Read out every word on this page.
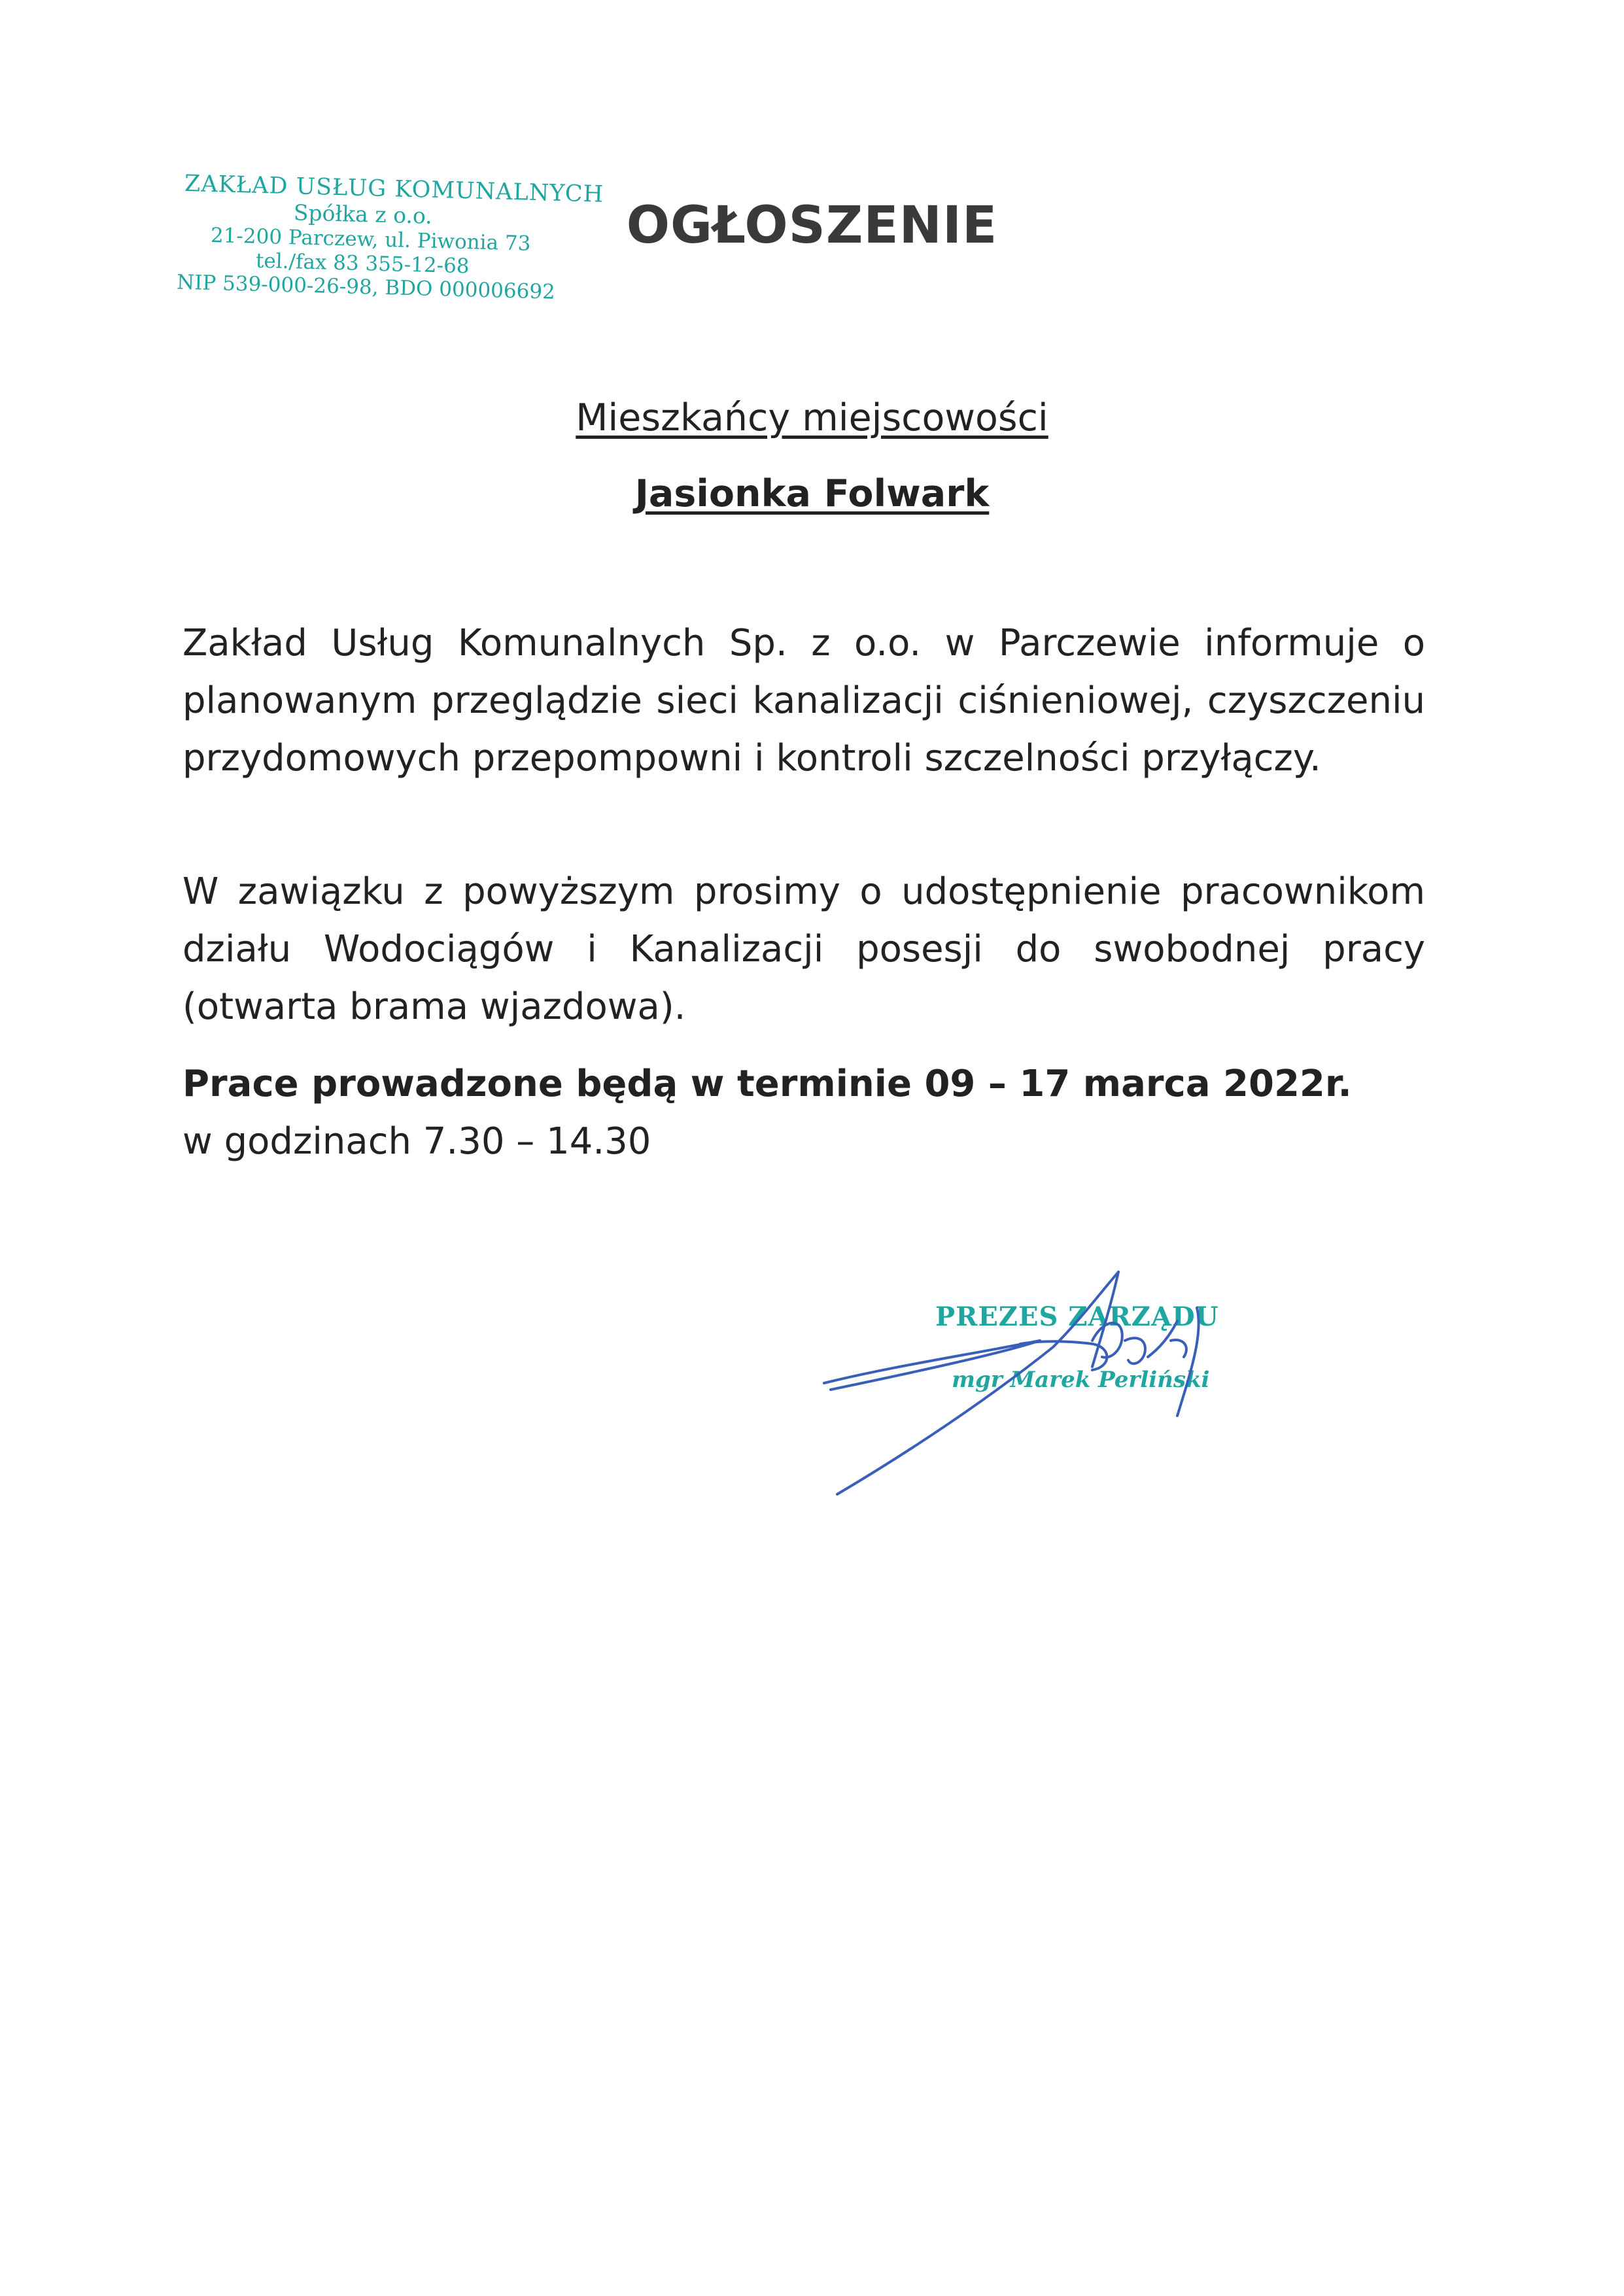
ZAKŁAD USŁUG KOMUNALNYCH
Spółka z o.o.
21-200 Parczew, ul. Piwonia 73
tel./fax 83 355-12-68
NIP 539-000-26-98, BDO 000006692
OGŁOSZENIE
Mieszkańcy miejscowości
Jasionka Folwark
Zakład Usług Komunalnych Sp. z o.o. w Parczewie informuje o planowanym przeglądzie sieci kanalizacji ciśnieniowej, czyszczeniu przydomowych przepompowni i kontroli szczelności przyłączy.
W zawiązku z powyższym prosimy o udostępnienie pracownikom działu Wodociągów i Kanalizacji posesji do swobodnej pracy (otwarta brama wjazdowa).
Prace prowadzone będą w terminie 09 – 17 marca 2022r.
w godzinach 7.30 – 14.30
PREZES ZARZĄDU
mgr Marek Perliński
